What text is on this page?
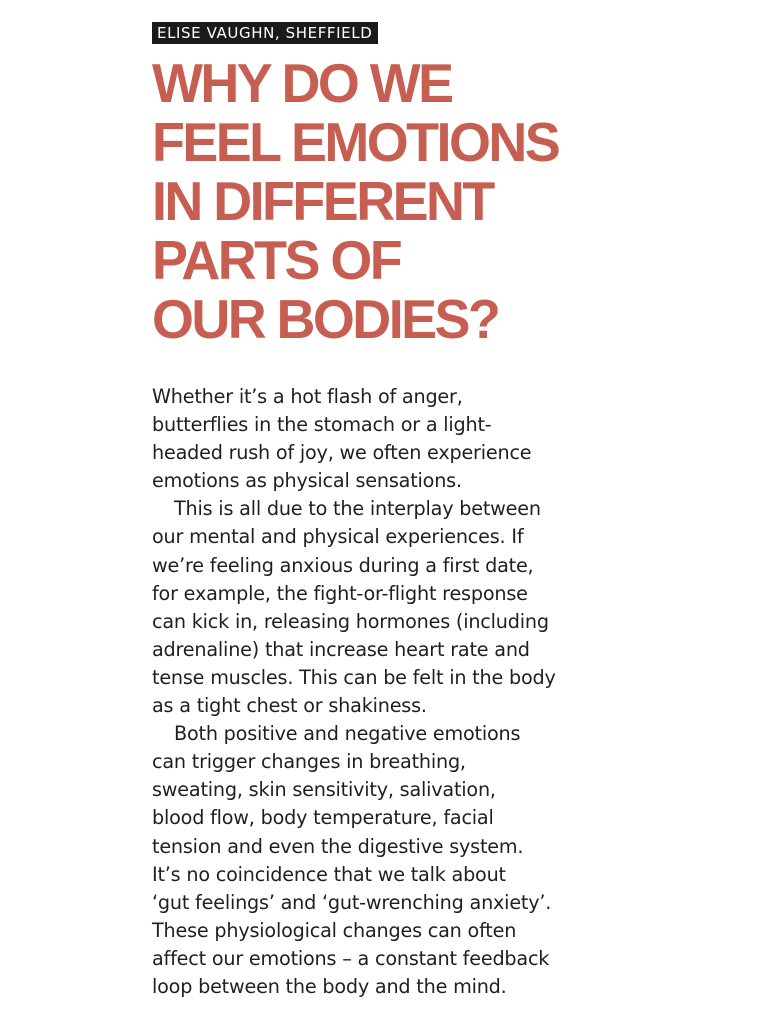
ELISE VAUGHN, SHEFFIELD
WHY DO WE
FEEL EMOTIONS
IN DIFFERENT
PARTS OF
OUR BODIES?
Whether it’s a hot flash of anger,
butterflies in the stomach or a light-
headed rush of joy, we often experience
emotions as physical sensations.
This is all due to the interplay between
our mental and physical experiences. If
we’re feeling anxious during a first date,
for example, the fight-or-flight response
can kick in, releasing hormones (including
adrenaline) that increase heart rate and
tense muscles. This can be felt in the body
as a tight chest or shakiness.
Both positive and negative emotions
can trigger changes in breathing,
sweating, skin sensitivity, salivation,
blood flow, body temperature, facial
tension and even the digestive system.
It’s no coincidence that we talk about
‘gut feelings’ and ‘gut-wrenching anxiety’.
These physiological changes can often
affect our emotions – a constant feedback
loop between the body and the mind.
